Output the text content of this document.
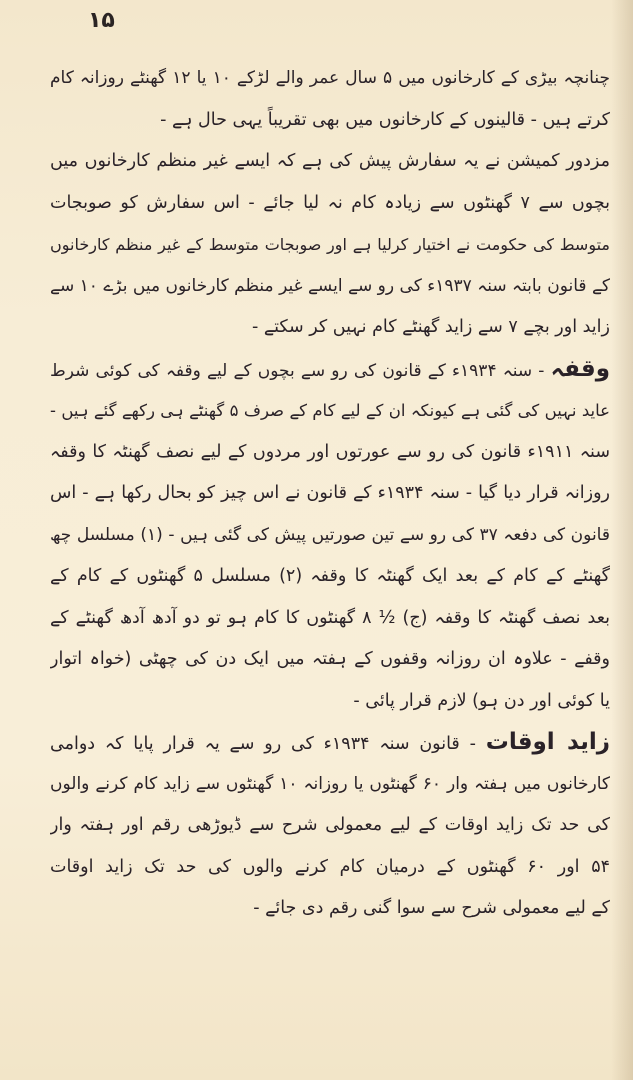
۱۵
چنانچہ بیڑی کے کارخانوں میں ۵ سال عمر والے لڑکے ۱۰ یا ۱۲ گھنٹے روزانہ کام
کرتے ہیں - قالینوں کے کارخانوں میں بھی تقریباً یہی حال ہے -
مزدور کمیشن نے یہ سفارش پیش کی ہے کہ ایسے غیر منظم کارخانوں میں
بچوں سے ۷ گھنٹوں سے زیادہ کام نہ لیا جائے - اس سفارش کو صوبجات
متوسط کی حکومت نے اختیار کرلیا ہے اور صوبجات متوسط کے غیر منظم کارخانوں
کے قانون بابتہ سنہ ۱۹۳۷ء کی رو سے ایسے غیر منظم کارخانوں میں بڑے ۱۰ سے
زاید اور بچے ۷ سے زاید گھنٹے کام نہیں کر سکتے -
وقفہ - سنہ ۱۹۳۴ء کے قانون کی رو سے بچوں کے لیے وقفہ کی کوئی شرط
عاید نہیں کی گئی ہے کیونکہ ان کے لیے کام کے صرف ۵ گھنٹے ہی رکھے گئے ہیں -
سنہ ۱۹۱۱ء قانون کی رو سے عورتوں اور مردوں کے لیے نصف گھنٹہ کا وقفہ
روزانہ قرار دیا گیا - سنہ ۱۹۳۴ء کے قانون نے اس چیز کو بحال رکھا ہے - اس
قانون کی دفعہ ۳۷ کی رو سے تین صورتیں پیش کی گئی ہیں - (۱) مسلسل چھ
گھنٹے کے کام کے بعد ایک گھنٹہ کا وقفہ (۲) مسلسل ۵ گھنٹوں کے کام کے
بعد نصف گھنٹہ کا وقفہ (ج) ½ ۸ گھنٹوں کا کام ہو تو دو آدھ آدھ گھنٹے کے
وقفے - علاوہ ان روزانہ وقفوں کے ہفتہ میں ایک دن کی چھٹی (خواہ اتوار
یا کوئی اور دن ہو) لازم قرار پائی -
زاید اوقات - قانون سنہ ۱۹۳۴ء کی رو سے یہ قرار پایا کہ دوامی
کارخانوں میں ہفتہ وار ۶۰ گھنٹوں یا روزانہ ۱۰ گھنٹوں سے زاید کام کرنے والوں
کی حد تک زاید اوقات کے لیے معمولی شرح سے ڈیوڑھی رقم اور ہفتہ وار
۵۴ اور ۶۰ گھنٹوں کے درمیان کام کرنے والوں کی حد تک زاید اوقات
کے لیے معمولی شرح سے سوا گنی رقم دی جائے -
